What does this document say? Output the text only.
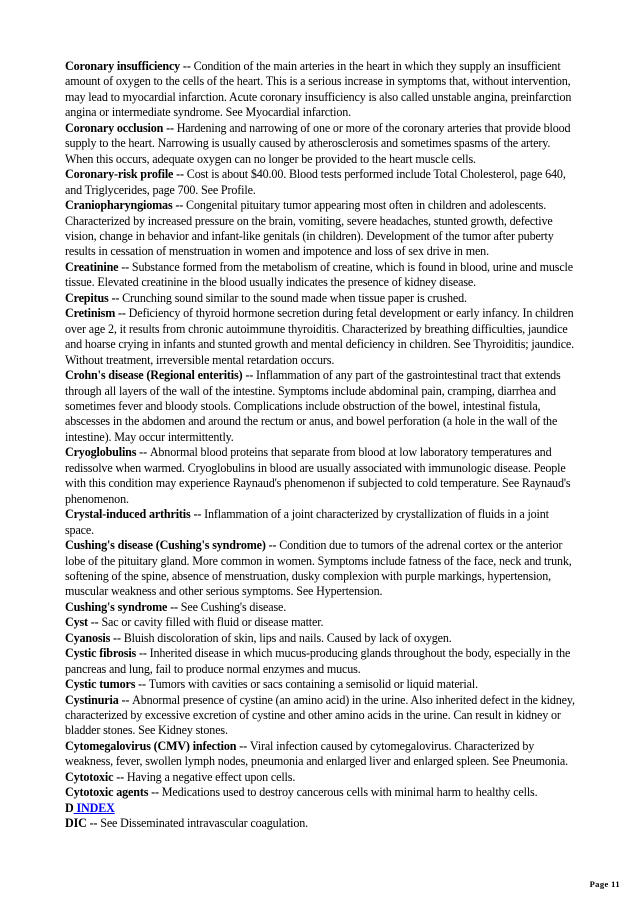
Coronary insufficiency -- Condition of the main arteries in the heart in which they supply an insufficient amount of oxygen to the cells of the heart. This is a serious increase in symptoms that, without intervention, may lead to myocardial infarction. Acute coronary insufficiency is also called unstable angina, preinfarction angina or intermediate syndrome. See Myocardial infarction.

Coronary occlusion -- Hardening and narrowing of one or more of the coronary arteries that provide blood supply to the heart. Narrowing is usually caused by atherosclerosis and sometimes spasms of the artery. When this occurs, adequate oxygen can no longer be provided to the heart muscle cells.

Coronary-risk profile -- Cost is about $40.00. Blood tests performed include Total Cholesterol, page 640, and Triglycerides, page 700. See Profile.

Craniopharyngiomas -- Congenital pituitary tumor appearing most often in children and adolescents. Characterized by increased pressure on the brain, vomiting, severe headaches, stunted growth, defective vision, change in behavior and infant-like genitals (in children). Development of the tumor after puberty results in cessation of menstruation in women and impotence and loss of sex drive in men.

Creatinine -- Substance formed from the metabolism of creatine, which is found in blood, urine and muscle tissue. Elevated creatinine in the blood usually indicates the presence of kidney disease.

Crepitus -- Crunching sound similar to the sound made when tissue paper is crushed.

Cretinism -- Deficiency of thyroid hormone secretion during fetal development or early infancy. In children over age 2, it results from chronic autoimmune thyroiditis. Characterized by breathing difficulties, jaundice and hoarse crying in infants and stunted growth and mental deficiency in children. See Thyroiditis; jaundice. Without treatment, irreversible mental retardation occurs.

Crohn's disease (Regional enteritis) -- Inflammation of any part of the gastrointestinal tract that extends through all layers of the wall of the intestine. Symptoms include abdominal pain, cramping, diarrhea and sometimes fever and bloody stools. Complications include obstruction of the bowel, intestinal fistula, abscesses in the abdomen and around the rectum or anus, and bowel perforation (a hole in the wall of the intestine). May occur intermittently.

Cryoglobulins -- Abnormal blood proteins that separate from blood at low laboratory temperatures and redissolve when warmed. Cryoglobulins in blood are usually associated with immunologic disease. People with this condition may experience Raynaud's phenomenon if subjected to cold temperature. See Raynaud's phenomenon.

Crystal-induced arthritis -- Inflammation of a joint characterized by crystallization of fluids in a joint space.

Cushing's disease (Cushing's syndrome) -- Condition due to tumors of the adrenal cortex or the anterior lobe of the pituitary gland. More common in women. Symptoms include fatness of the face, neck and trunk, softening of the spine, absence of menstruation, dusky complexion with purple markings, hypertension, muscular weakness and other serious symptoms. See Hypertension.

Cushing's syndrome -- See Cushing's disease.

Cyst -- Sac or cavity filled with fluid or disease matter.

Cyanosis -- Bluish discoloration of skin, lips and nails. Caused by lack of oxygen.

Cystic fibrosis -- Inherited disease in which mucus-producing glands throughout the body, especially in the pancreas and lung, fail to produce normal enzymes and mucus.

Cystic tumors -- Tumors with cavities or sacs containing a semisolid or liquid material.

Cystinuria -- Abnormal presence of cystine (an amino acid) in the urine. Also inherited defect in the kidney, characterized by excessive excretion of cystine and other amino acids in the urine. Can result in kidney or bladder stones. See Kidney stones.

Cytomegalovirus (CMV) infection -- Viral infection caused by cytomegalovirus. Characterized by weakness, fever, swollen lymph nodes, pneumonia and enlarged liver and enlarged spleen. See Pneumonia.

Cytotoxic -- Having a negative effect upon cells.

Cytotoxic agents -- Medications used to destroy cancerous cells with minimal harm to healthy cells.

D INDEX

DIC -- See Disseminated intravascular coagulation.

Page 11
